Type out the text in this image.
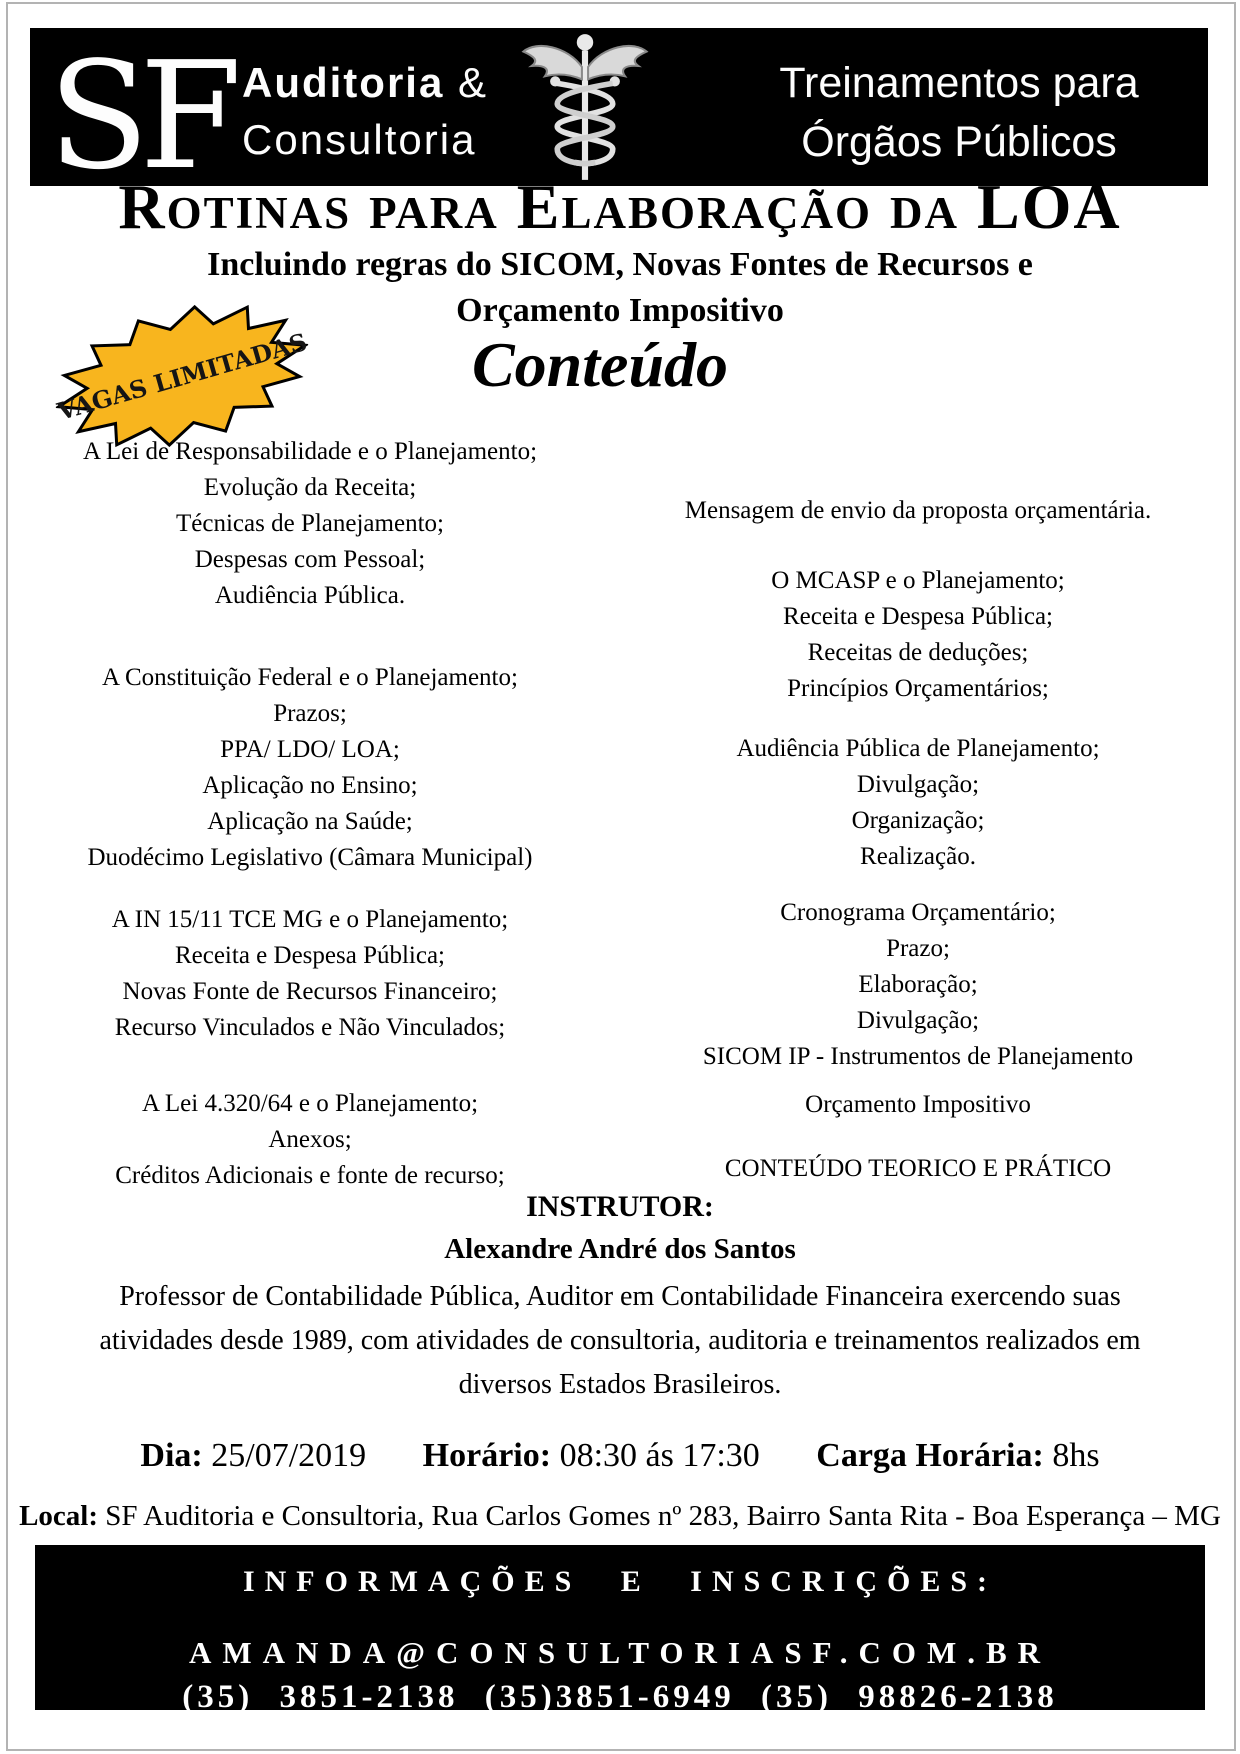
SF Auditoria &
Consultoria
Treinamentos para
Órgãos Públicos
Rotinas para Elaboração da LOA
Incluindo regras do SICOM, Novas Fontes de Recursos e
Orçamento Impositivo
VAGAS LIMITADAS	Conteúdo
A Lei de Responsabilidade e o Planejamento;
Evolução da Receita;
Técnicas de Planejamento;
Despesas com Pessoal;
Audiência Pública.
A Constituição Federal e o Planejamento;
Prazos;
PPA/ LDO/ LOA;
Aplicação no Ensino;
Aplicação na Saúde;
Duodécimo Legislativo (Câmara Municipal)
A IN 15/11 TCE MG e o Planejamento;
Receita e Despesa Pública;
Novas Fonte de Recursos Financeiro;
Recurso Vinculados e Não Vinculados;
A Lei 4.320/64 e o Planejamento;
Anexos;
Créditos Adicionais e fonte de recurso;
Mensagem de envio da proposta orçamentária.
O MCASP e o Planejamento;
Receita e Despesa Pública;
Receitas de deduções;
Princípios Orçamentários;
Audiência Pública de Planejamento;
Divulgação;
Organização;
Realização.
Cronograma Orçamentário;
Prazo;
Elaboração;
Divulgação;
SICOM IP - Instrumentos de Planejamento
Orçamento Impositivo
CONTEÚDO TEORICO E PRÁTICO
INSTRUTOR:
Alexandre André dos Santos
Professor de Contabilidade Pública, Auditor em Contabilidade Financeira exercendo suas
atividades desde 1989, com atividades de consultoria, auditoria e treinamentos realizados em
diversos Estados Brasileiros.
Dia: 25/07/2019 Horário: 08:30 ás 17:30 Carga Horária: 8hs
Local: SF Auditoria e Consultoria, Rua Carlos Gomes nº 283, Bairro Santa Rita - Boa Esperança – MG
INFORMAÇÕES E INSCRIÇÕES:
AMANDA@CONSULTORIASF.COM.BR
(35) 3851-2138 (35)3851-6949 (35) 98826-2138
